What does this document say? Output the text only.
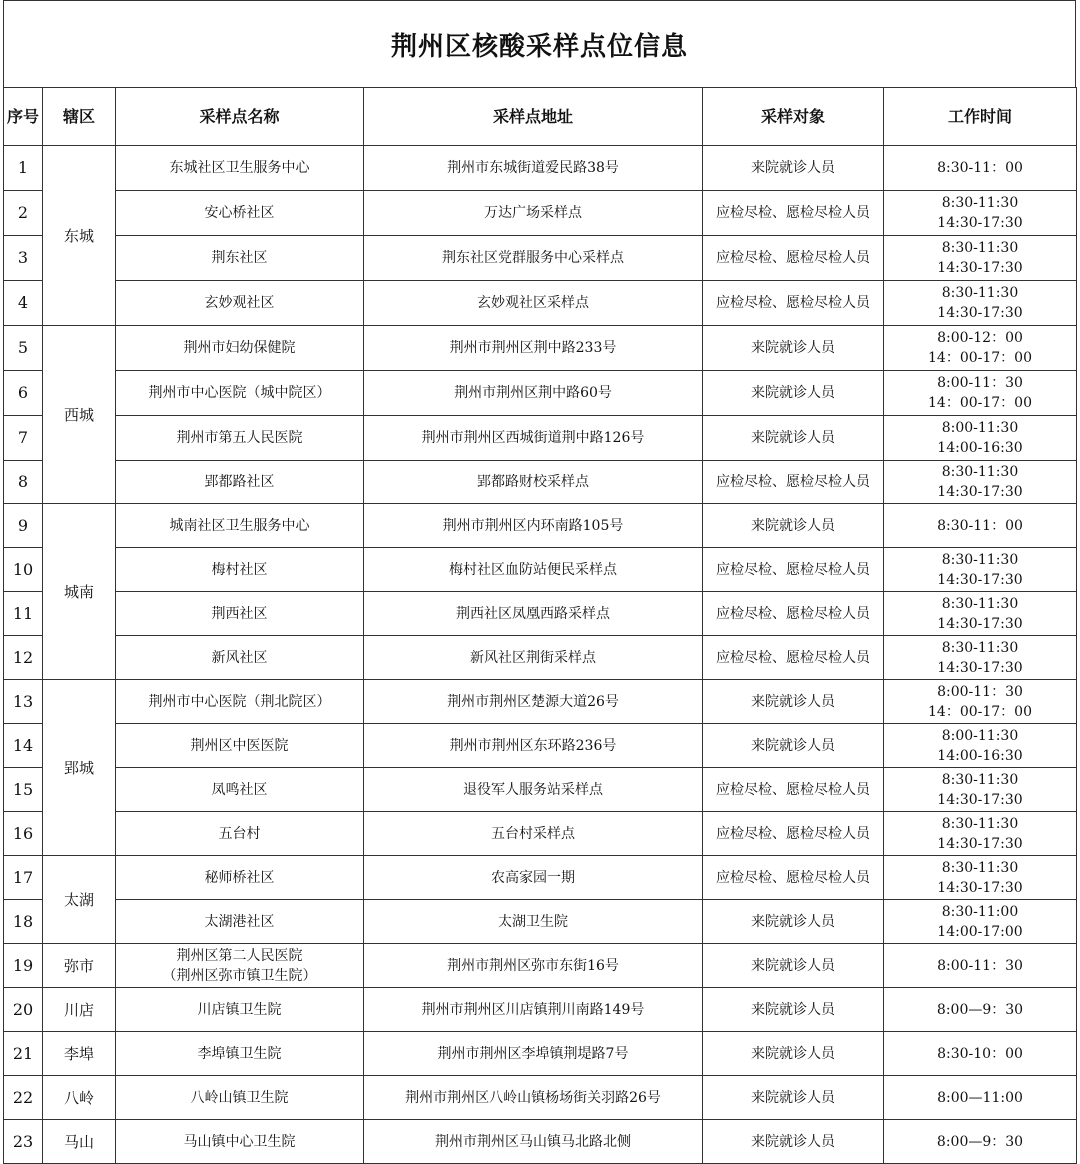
荆州区核酸采样点位信息
序号	辖区	采样点名称	采样点地址	采样对象	工作时间

1	东城	东城社区卫生服务中心	荆州市东城街道爱民路38号	来院就诊人员	8:30-11：00

2		安心桥社区	万达广场采样点	应检尽检、愿检尽检人员	8:30-11:30
14:30-17:30

3		荆东社区	荆东社区党群服务中心采样点	应检尽检、愿检尽检人员	8:30-11:30
14:30-17:30

4		玄妙观社区	玄妙观社区采样点	应检尽检、愿检尽检人员	8:30-11:30
14:30-17:30

5	西城	荆州市妇幼保健院	荆州市荆州区荆中路233号	来院就诊人员	8:00-12：00
14：00-17：00

6		荆州市中心医院（城中院区）	荆州市荆州区荆中路60号	来院就诊人员	8:00-11：30
14：00-17：00

7		荆州市第五人民医院	荆州市荆州区西城街道荆中路126号	来院就诊人员	8:00-11:30
14:00-16:30

8		郢都路社区	郢都路财校采样点	应检尽检、愿检尽检人员	8:30-11:30
14:30-17:30

9	城南	城南社区卫生服务中心	荆州市荆州区内环南路105号	来院就诊人员	8:30-11：00

10		梅村社区	梅村社区血防站便民采样点	应检尽检、愿检尽检人员	8:30-11:30
14:30-17:30

11		荆西社区	荆西社区凤凰西路采样点	应检尽检、愿检尽检人员	8:30-11:30
14:30-17:30

12		新风社区	新风社区荆街采样点	应检尽检、愿检尽检人员	8:30-11:30
14:30-17:30

13	郢城	荆州市中心医院（荆北院区）	荆州市荆州区楚源大道26号	来院就诊人员	8:00-11：30
14：00-17：00

14		荆州区中医医院	荆州市荆州区东环路236号	来院就诊人员	8:00-11:30
14:00-16:30

15		凤鸣社区	退役军人服务站采样点	应检尽检、愿检尽检人员	8:30-11:30
14:30-17:30

16		五台村	五台村采样点	应检尽检、愿检尽检人员	8:30-11:30
14:30-17:30

17	太湖	秘师桥社区	农高家园一期	应检尽检、愿检尽检人员	8:30-11:30
14:30-17:30

18		太湖港社区	太湖卫生院	来院就诊人员	8:30-11:00
14:00-17:00

19	弥市	荆州区第二人民医院
（荆州区弥市镇卫生院）	荆州市荆州区弥市东街16号	来院就诊人员	8:00-11：30

20	川店	川店镇卫生院	荆州市荆州区川店镇荆川南路149号	来院就诊人员	8:00—9：30

21	李埠	李埠镇卫生院	荆州市荆州区李埠镇荆堤路7号	来院就诊人员	8:30-10：00

22	八岭	八岭山镇卫生院	荆州市荆州区八岭山镇杨场街关羽路26号	来院就诊人员	8:00—11:00

23	马山	马山镇中心卫生院	荆州市荆州区马山镇马北路北侧	来院就诊人员	8:00—9：30
